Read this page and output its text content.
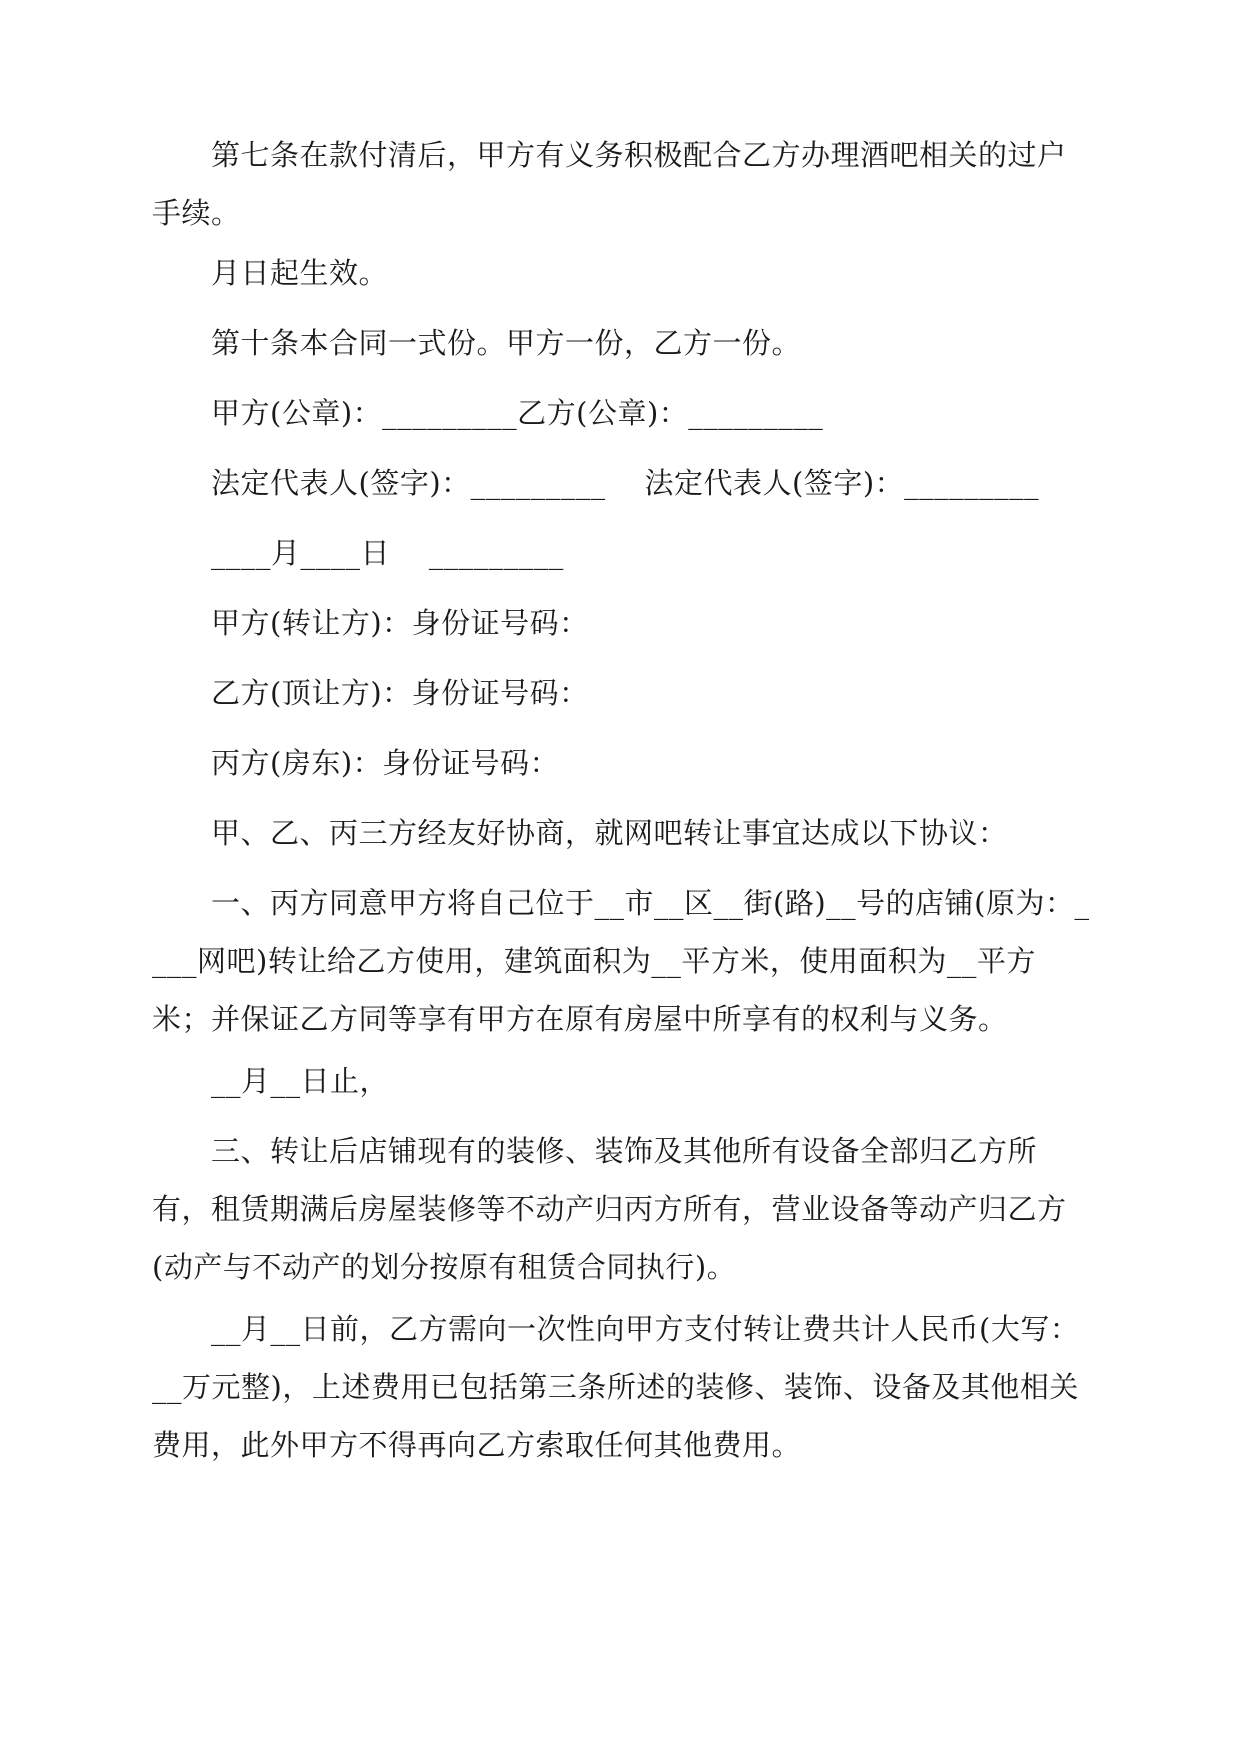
第七条在款付清后，甲方有义务积极配合乙方办理酒吧相关的过户手续。

月日起生效。

第十条本合同一式份。甲方一份，乙方一份。

甲方(公章)：_________乙方(公章)：_________

法定代表人(签字)：_________    法定代表人(签字)：_________

____月____日    _________

甲方(转让方)：身份证号码：

乙方(顶让方)：身份证号码：

丙方(房东)：身份证号码：

甲、乙、丙三方经友好协商，就网吧转让事宜达成以下协议：

一、丙方同意甲方将自己位于__市__区__街(路)__号的店铺(原为：____网吧)转让给乙方使用，建筑面积为__平方米，使用面积为__平方米；并保证乙方同等享有甲方在原有房屋中所享有的权利与义务。

__月__日止，

三、转让后店铺现有的装修、装饰及其他所有设备全部归乙方所有，租赁期满后房屋装修等不动产归丙方所有，营业设备等动产归乙方(动产与不动产的划分按原有租赁合同执行)。

__月__日前，乙方需向一次性向甲方支付转让费共计人民币(大写：__万元整)，上述费用已包括第三条所述的装修、装饰、设备及其他相关费用，此外甲方不得再向乙方索取任何其他费用。
